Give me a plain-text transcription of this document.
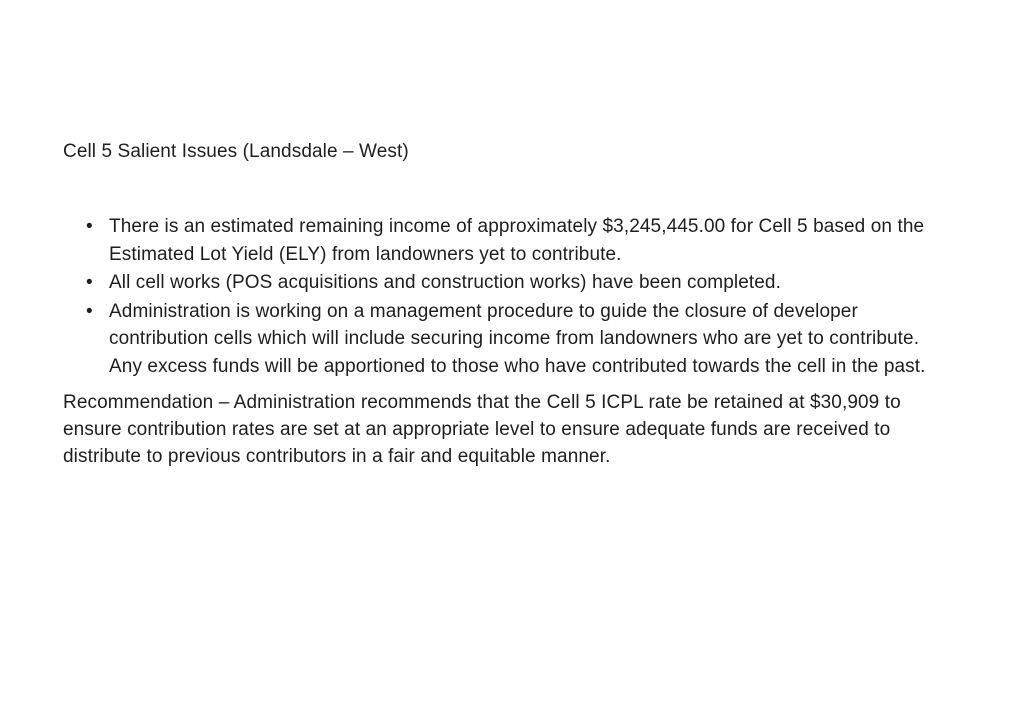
Cell 5 Salient Issues (Landsdale – West)

• There is an estimated remaining income of approximately $3,245,445.00 for Cell 5 based on the Estimated Lot Yield (ELY) from landowners yet to contribute.
• All cell works (POS acquisitions and construction works) have been completed.
• Administration is working on a management procedure to guide the closure of developer contribution cells which will include securing income from landowners who are yet to contribute. Any excess funds will be apportioned to those who have contributed towards the cell in the past.

Recommendation – Administration recommends that the Cell 5 ICPL rate be retained at $30,909 to ensure contribution rates are set at an appropriate level to ensure adequate funds are received to distribute to previous contributors in a fair and equitable manner.
